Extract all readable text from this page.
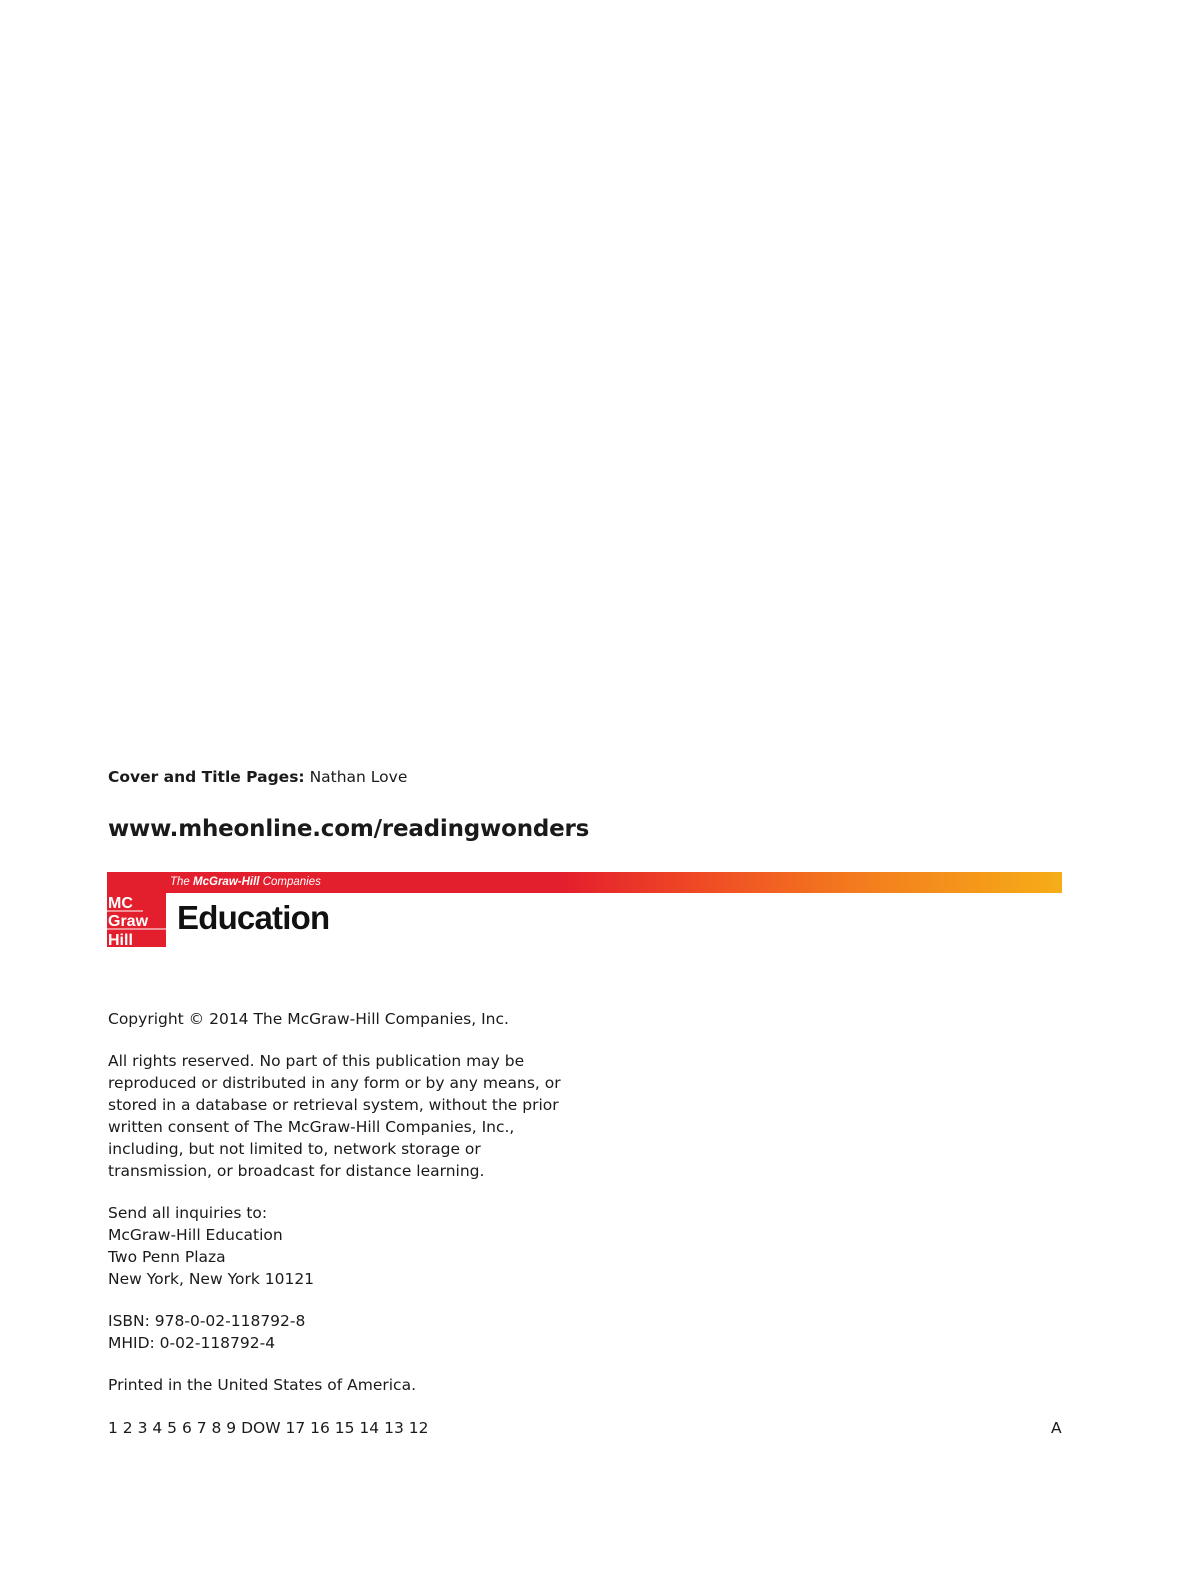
Cover and Title Pages: Nathan Love
www.mheonline.com/readingwonders
The McGraw-Hill Companies
MC
Graw
Hill
Education

Copyright © 2014 The McGraw-Hill Companies, Inc.

All rights reserved. No part of this publication may be

reproduced or distributed in any form or by any means, or

stored in a database or retrieval system, without the prior

written consent of The McGraw-Hill Companies, Inc.,

including, but not limited to, network storage or

transmission, or broadcast for distance learning.

Send all inquiries to:

McGraw-Hill Education

Two Penn Plaza

New York, New York 10121

ISBN: 978-0-02-118792-8

MHID: 0-02-118792-4

Printed in the United States of America.

1 2 3 4 5 6 7 8 9 DOW 17 16 15 14 13 12	A
